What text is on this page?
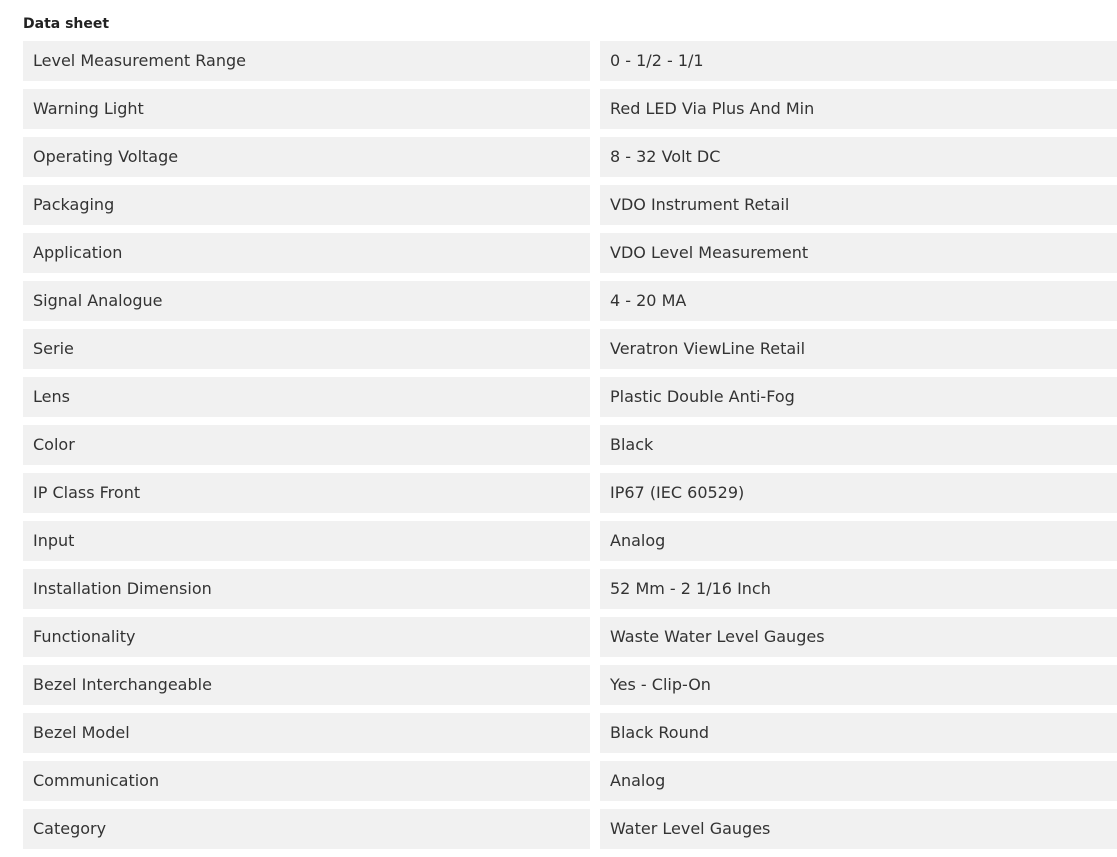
Data sheet
Level Measurement Range	0 - 1/2 - 1/1
Warning Light	Red LED Via Plus And Min
Operating Voltage	8 - 32 Volt DC
Packaging	VDO Instrument Retail
Application	VDO Level Measurement
Signal Analogue	4 - 20 MA
Serie	Veratron ViewLine Retail
Lens	Plastic Double Anti-Fog
Color	Black
IP Class Front	IP67 (IEC 60529)
Input	Analog
Installation Dimension	52 Mm - 2 1/16 Inch
Functionality	Waste Water Level Gauges
Bezel Interchangeable	Yes - Clip-On
Bezel Model	Black Round
Communication	Analog
Category	Water Level Gauges
